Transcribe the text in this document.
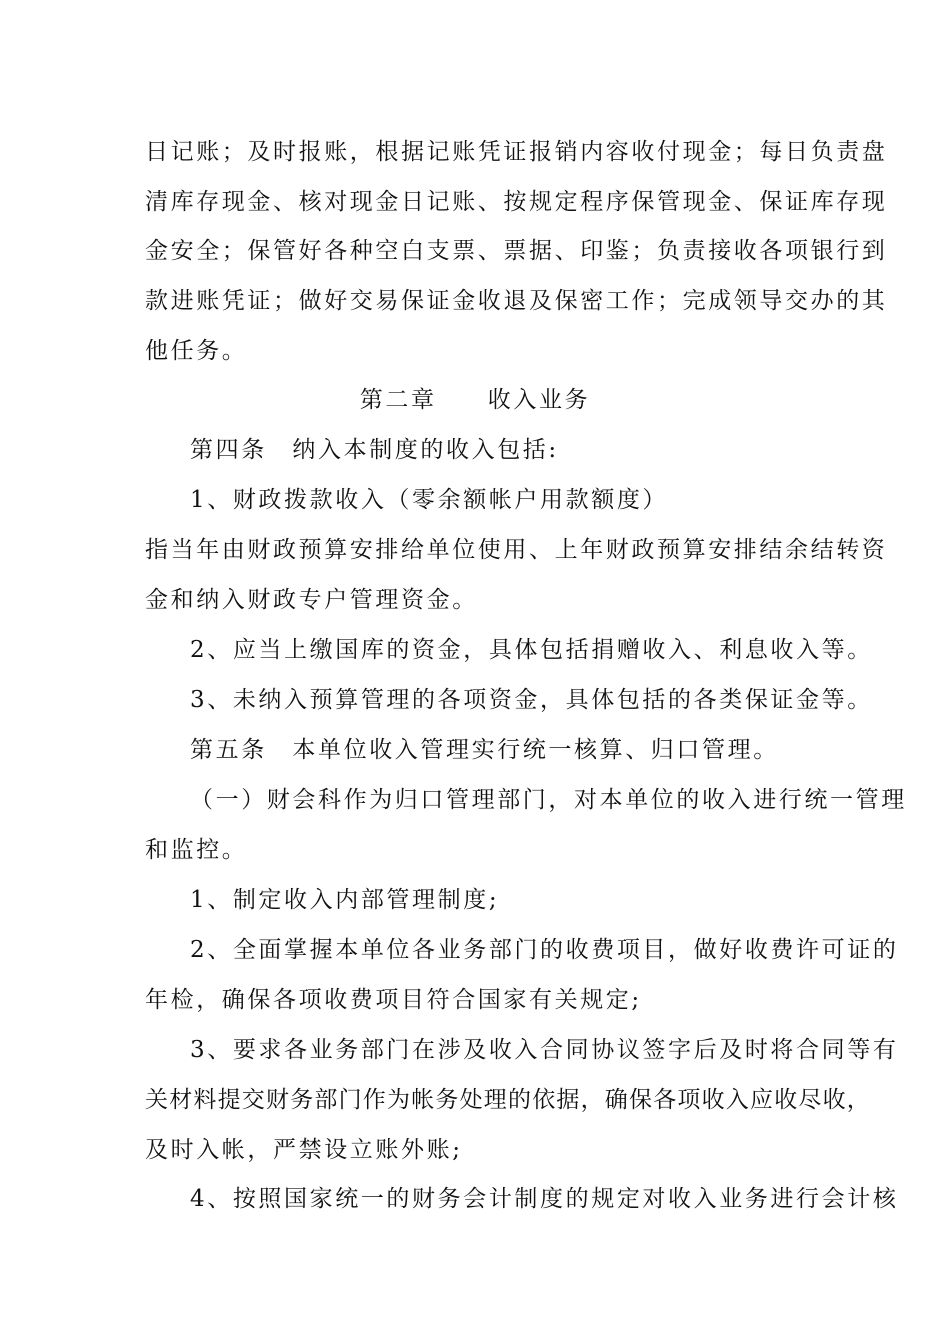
日记账；及时报账，根据记账凭证报销内容收付现金；每日负责盘
清库存现金、核对现金日记账、按规定程序保管现金、保证库存现
金安全；保管好各种空白支票、票据、印鉴；负责接收各项银行到
款进账凭证；做好交易保证金收退及保密工作；完成领导交办的其
他任务。
第二章　　收入业务
第四条　纳入本制度的收入包括:
1、财政拨款收入（零余额帐户用款额度）
指当年由财政预算安排给单位使用、上年财政预算安排结余结转资
金和纳入财政专户管理资金。
2、应当上缴国库的资金，具体包括捐赠收入、利息收入等。
3、未纳入预算管理的各项资金，具体包括的各类保证金等。
第五条　本单位收入管理实行统一核算、归口管理。
（一）财会科作为归口管理部门，对本单位的收入进行统一管理
和监控。
1、制定收入内部管理制度;
2、全面掌握本单位各业务部门的收费项目，做好收费许可证的
年检，确保各项收费项目符合国家有关规定;
3、要求各业务部门在涉及收入合同协议签字后及时将合同等有
关材料提交财务部门作为帐务处理的依据，确保各项收入应收尽收，
及时入帐，严禁设立账外账;
4、按照国家统一的财务会计制度的规定对收入业务进行会计核
